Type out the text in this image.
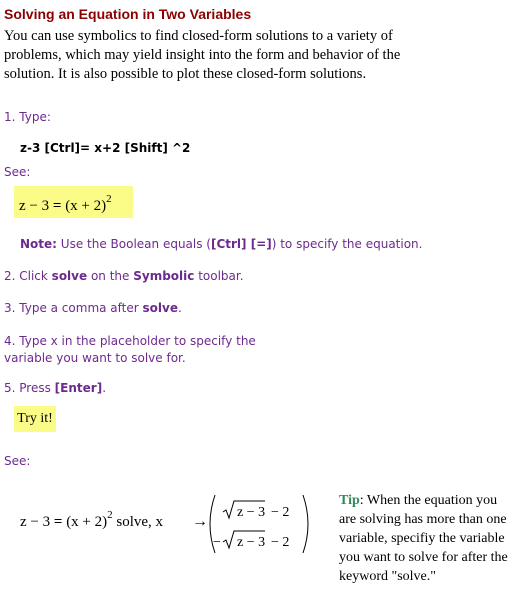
Solving an Equation in Two Variables
You can use symbolics to find closed-form solutions to a variety of
problems, which may yield insight into the form and behavior of the
solution. It is also possible to plot these closed-form solutions.
1. Type:
z-3 [Ctrl]= x+2 [Shift] ^2
See:
$z - 3 = (x + 2)^2$
Note: Use the Boolean equals ([Ctrl] [=]) to specify the equation.
2. Click solve on the Symbolic toolbar.
3. Type a comma after solve.
4. Type x in the placeholder to specify the
variable you want to solve for.
5. Press [Enter].
Try it!
See:
$z - 3 = (x + 2)^2$ solve, x →
z − 3 − 2
− z − 3 − 2
Tip: When the equation you
are solving has more than one
variable, specifiy the variable
you want to solve for after the
keyword "solve."
